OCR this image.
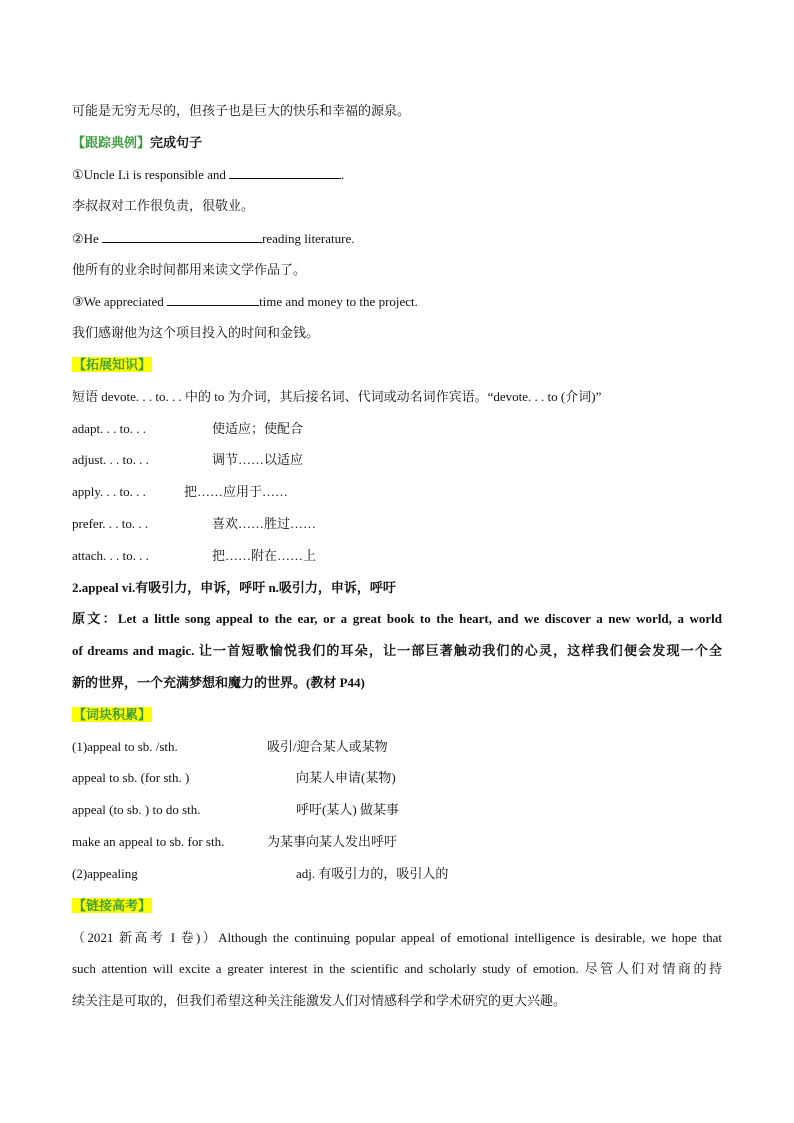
可能是无穷无尽的，但孩子也是巨大的快乐和幸福的源泉。
【跟踪典例】完成句子
①Uncle Li is responsible and	.
李叔叔对工作很负责，很敬业。
②He	reading literature.
他所有的业余时间都用来读文学作品了。
③We appreciated	time and money to the project.
我们感谢他为这个项目投入的时间和金钱。
【拓展知识】
短语 devote. . . to. . . 中的 to 为介词，其后接名词、代词或动名词作宾语。“devote. . . to (介词)”
adapt. . . to. . .	使适应；使配合
adjust. . . to. . .	调节……以适应
apply. . . to. . .	把……应用于……
prefer. . . to. . .	喜欢……胜过……
attach. . . to. . .	把……附在……上
2.appeal vi.有吸引力，申诉，呼吁 n.吸引力，申诉，呼吁
原文：Let a little song appeal to the ear, or a great book to the heart, and we discover a new world, a world
of dreams and magic. 让一首短歌愉悦我们的耳朵，让一部巨著触动我们的心灵，这样我们便会发现一个全
新的世界，一个充满梦想和魔力的世界。(教材 P44)
【词块积累】
(1)appeal to sb. /sth.	吸引/迎合某人或某物
appeal to sb. (for sth. )	向某人申请(某物)
appeal (to sb. ) to do sth.	呼吁(某人) 做某事
make an appeal to sb. for sth.	为某事向某人发出呼吁
(2)appealing	adj. 有吸引力的，吸引人的
【链接高考】
（2021 新高考 I 卷)）Although the continuing popular appeal of emotional intelligence is desirable, we hope that
such attention will excite a greater interest in the scientific and scholarly study of emotion. 尽管人们对情商的持
续关注是可取的，但我们希望这种关注能激发人们对情感科学和学术研究的更大兴趣。
